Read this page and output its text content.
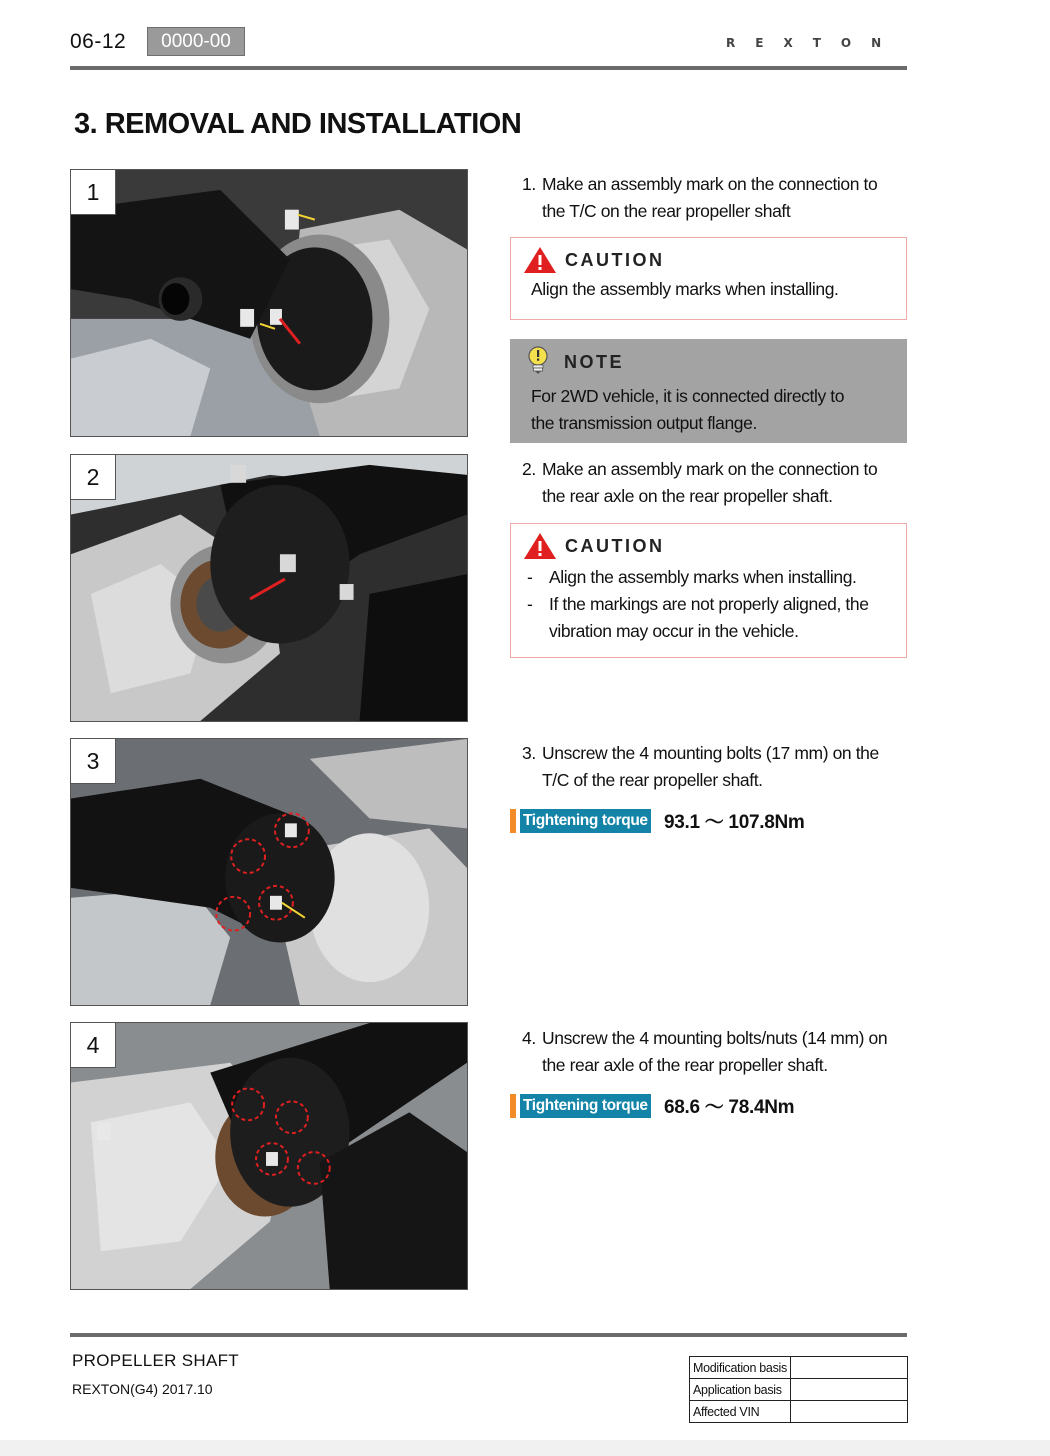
06-12	0000-00	REXTON
3. REMOVAL AND INSTALLATION
1
2
3
4
1. Make an assembly mark on the connection to
the T/C on the rear propeller shaft
CAUTION
Align the assembly marks when installing.
NOTE
For 2WD vehicle, it is connected directly to
the transmission output flange.
2. Make an assembly mark on the connection to
the rear axle on the rear propeller shaft.
CAUTION
- Align the assembly marks when installing.
- If the markings are not properly aligned, the
vibration may occur in the vehicle.
3. Unscrew the 4 mounting bolts (17 mm) on the
T/C of the rear propeller shaft.
Tightening torque 93.1 ～ 107.8Nm
4. Unscrew the 4 mounting bolts/nuts (14 mm) on
the rear axle of the rear propeller shaft.
Tightening torque 68.6 ～ 78.4Nm
PROPELLER SHAFT
REXTON(G4) 2017.10
Modification basis	
Application basis	
Affected VIN	
